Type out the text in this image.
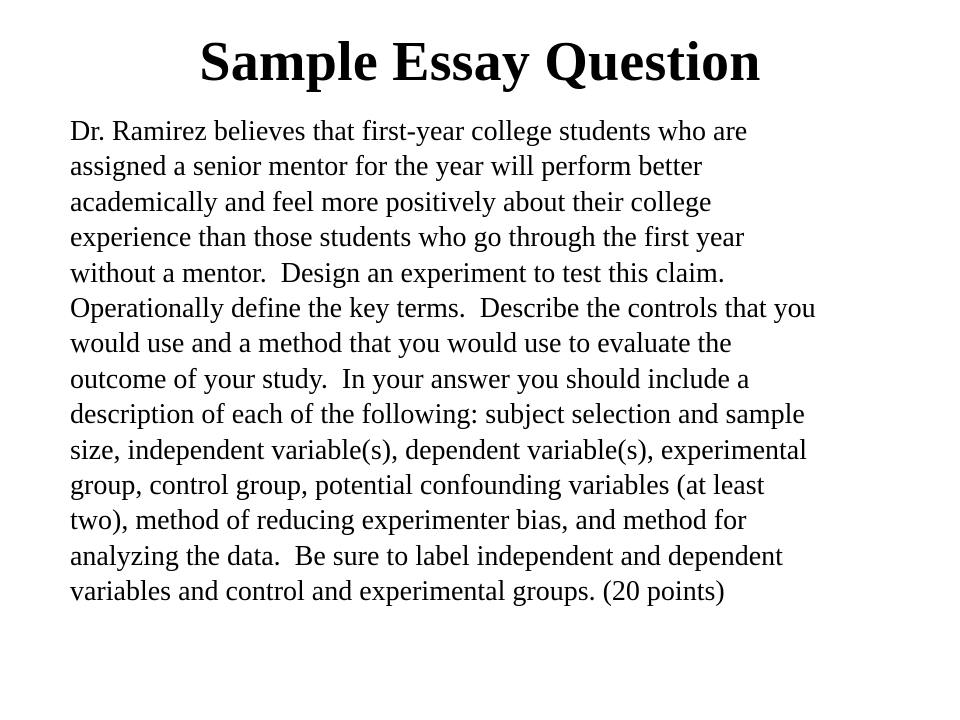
Sample Essay Question
Dr. Ramirez believes that first-year college students who are
assigned a senior mentor for the year will perform better
academically and feel more positively about their college
experience than those students who go through the first year
without a mentor.  Design an experiment to test this claim.
Operationally define the key terms.  Describe the controls that you
would use and a method that you would use to evaluate the
outcome of your study.  In your answer you should include a
description of each of the following: subject selection and sample
size, independent variable(s), dependent variable(s), experimental
group, control group, potential confounding variables (at least
two), method of reducing experimenter bias, and method for
analyzing the data.  Be sure to label independent and dependent
variables and control and experimental groups. (20 points)
